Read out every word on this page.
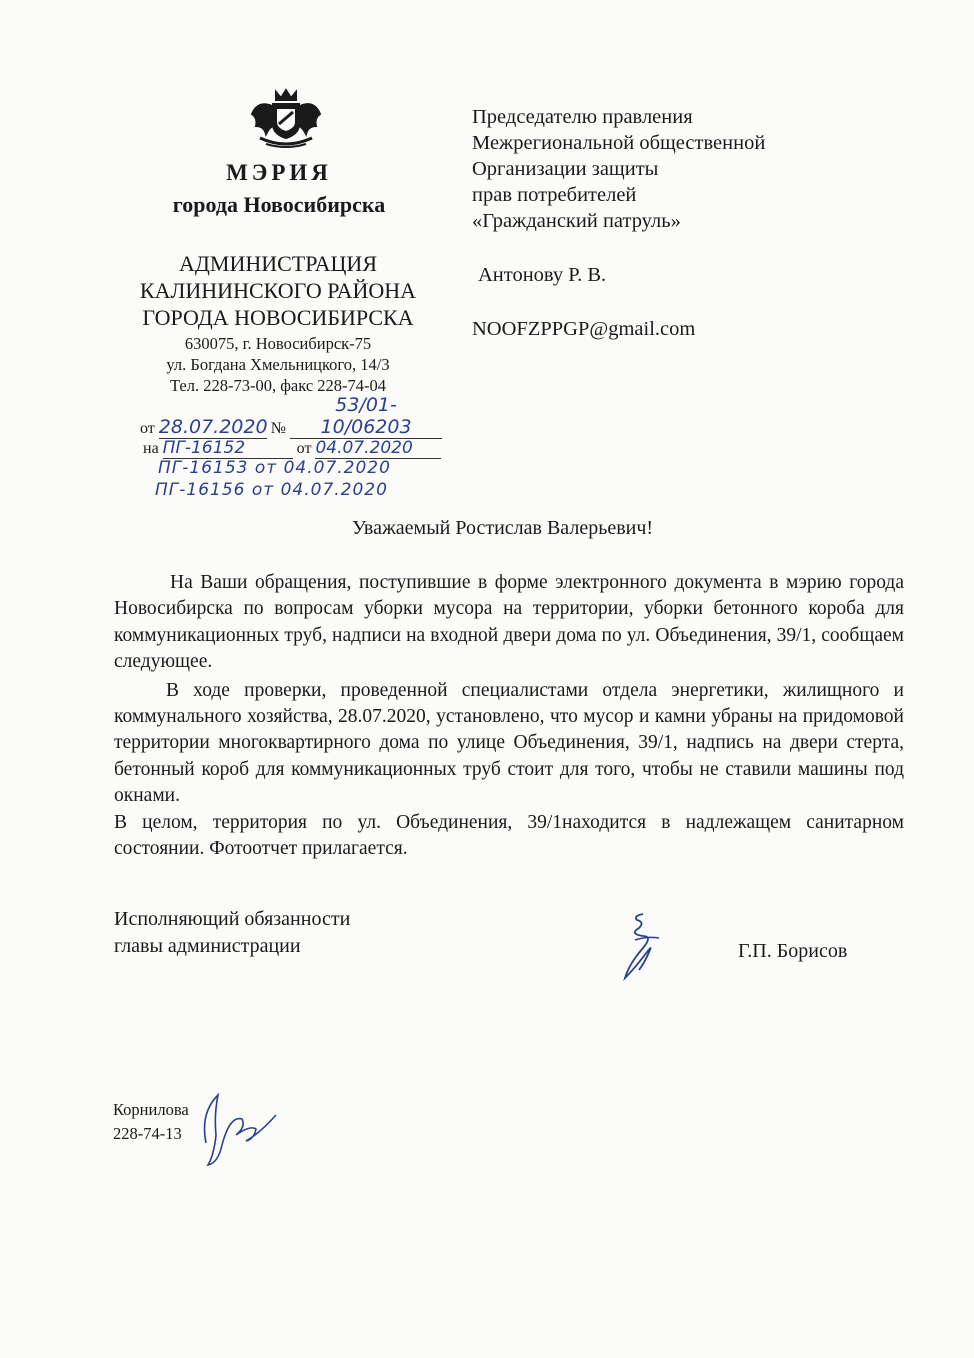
МЭРИЯ
города Новосибирска
АДМИНИСТРАЦИЯ
КАЛИНИНСКОГО РАЙОНА
ГОРОДА НОВОСИБИРСКА
630075, г. Новосибирск-75
ул. Богдана Хмельницкого, 14/3
Тел. 228-73-00, факс 228-74-04
от 28.07.2020 № 53/01-10/06203
на ПГ-16152	от 04.07.2020
ПГ-16153 от 04.07.2020
ПГ-16156 от 04.07.2020
Председателю правления
Межрегиональной общественной
Организации защиты
прав потребителей
«Гражданский патруль»
Антонову Р. В.
NOOFZPPGP@gmail.com
Уважаемый Ростислав Валерьевич!

На Ваши обращения, поступившие в форме электронного документа в мэрию города Новосибирска по вопросам уборки мусора на территории, уборки бетонного короба для коммуникационных труб, надписи на входной двери дома по ул. Объединения, 39/1, сообщаем следующее.

В ходе проверки, проведенной специалистами отдела энергетики, жилищного и коммунального хозяйства, 28.07.2020, установлено, что мусор и камни убраны на придомовой территории многоквартирного дома по улице Объединения, 39/1, надпись на двери стерта, бетонный короб для коммуникационных труб стоит для того, чтобы не ставили машины под окнами.

В целом, территория по ул. Объединения, 39/1находится в надлежащем санитарном состоянии. Фотоотчет прилагается.

Исполняющий обязанности
главы администрации	Г.П. Борисов
Корнилова
228-74-13
